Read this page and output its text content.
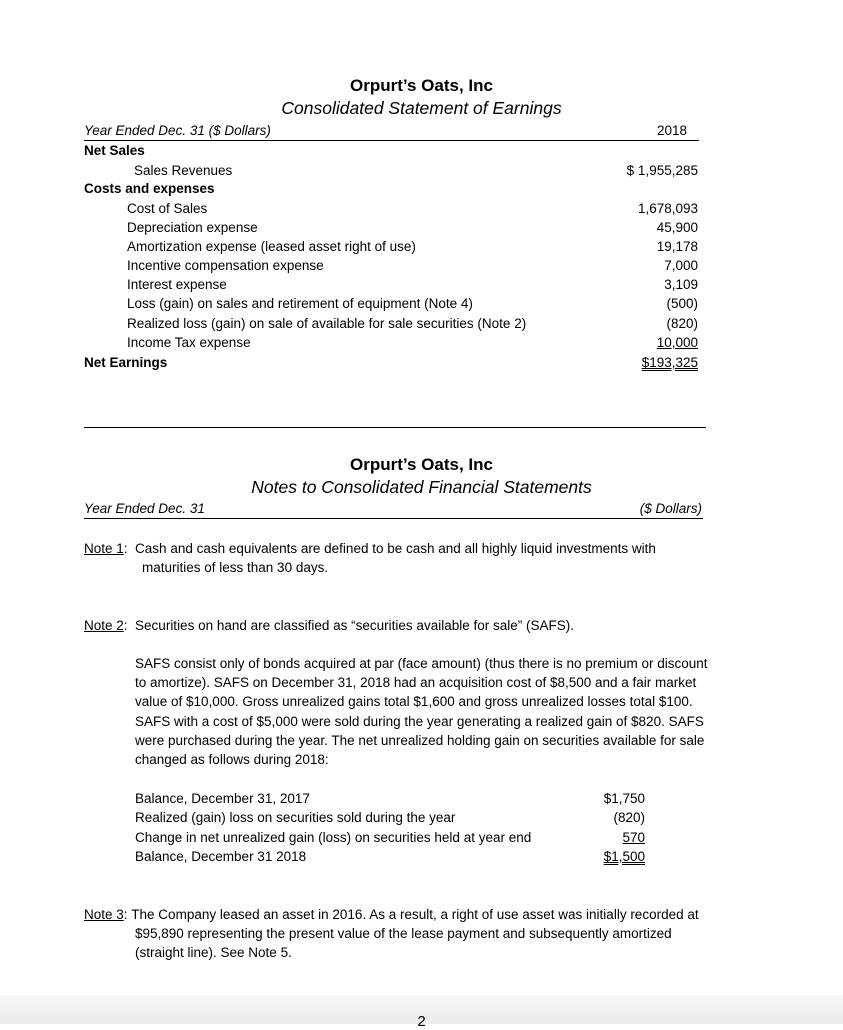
Orpurt’s Oats, Inc
Consolidated Statement of Earnings
Year Ended Dec. 31 ($ Dollars)	2018
Net Sales
Sales Revenues	$ 1,955,285
Costs and expenses
Cost of Sales	1,678,093
Depreciation expense	45,900
Amortization expense (leased asset right of use)	19,178
Incentive compensation expense	7,000
Interest expense	3,109
Loss (gain) on sales and retirement of equipment (Note 4)	(500)
Realized loss (gain) on sale of available for sale securities (Note 2)	(820)
Income Tax expense	10,000
Net Earnings	$193,325
Orpurt’s Oats, Inc
Notes to Consolidated Financial Statements
Year Ended Dec. 31	($ Dollars)
Note 1:  Cash and cash equivalents are defined to be cash and all highly liquid investments with
maturities of less than 30 days.
Note 2:  Securities on hand are classified as “securities available for sale” (SAFS).
SAFS consist only of bonds acquired at par (face amount) (thus there is no premium or discount
to amortize). SAFS on December 31, 2018 had an acquisition cost of $8,500 and a fair market
value of $10,000. Gross unrealized gains total $1,600 and gross unrealized losses total $100.
SAFS with a cost of $5,000 were sold during the year generating a realized gain of $820. SAFS
were purchased during the year. The net unrealized holding gain on securities available for sale
changed as follows during 2018:
Balance, December 31, 2017	$1,750
Realized (gain) loss on securities sold during the year	(820)
Change in net unrealized gain (loss) on securities held at year end	570
Balance, December 31 2018	$1,500
Note 3: The Company leased an asset in 2016. As a result, a right of use asset was initially recorded at
$95,890 representing the present value of the lease payment and subsequently amortized
(straight line). See Note 5.
2
